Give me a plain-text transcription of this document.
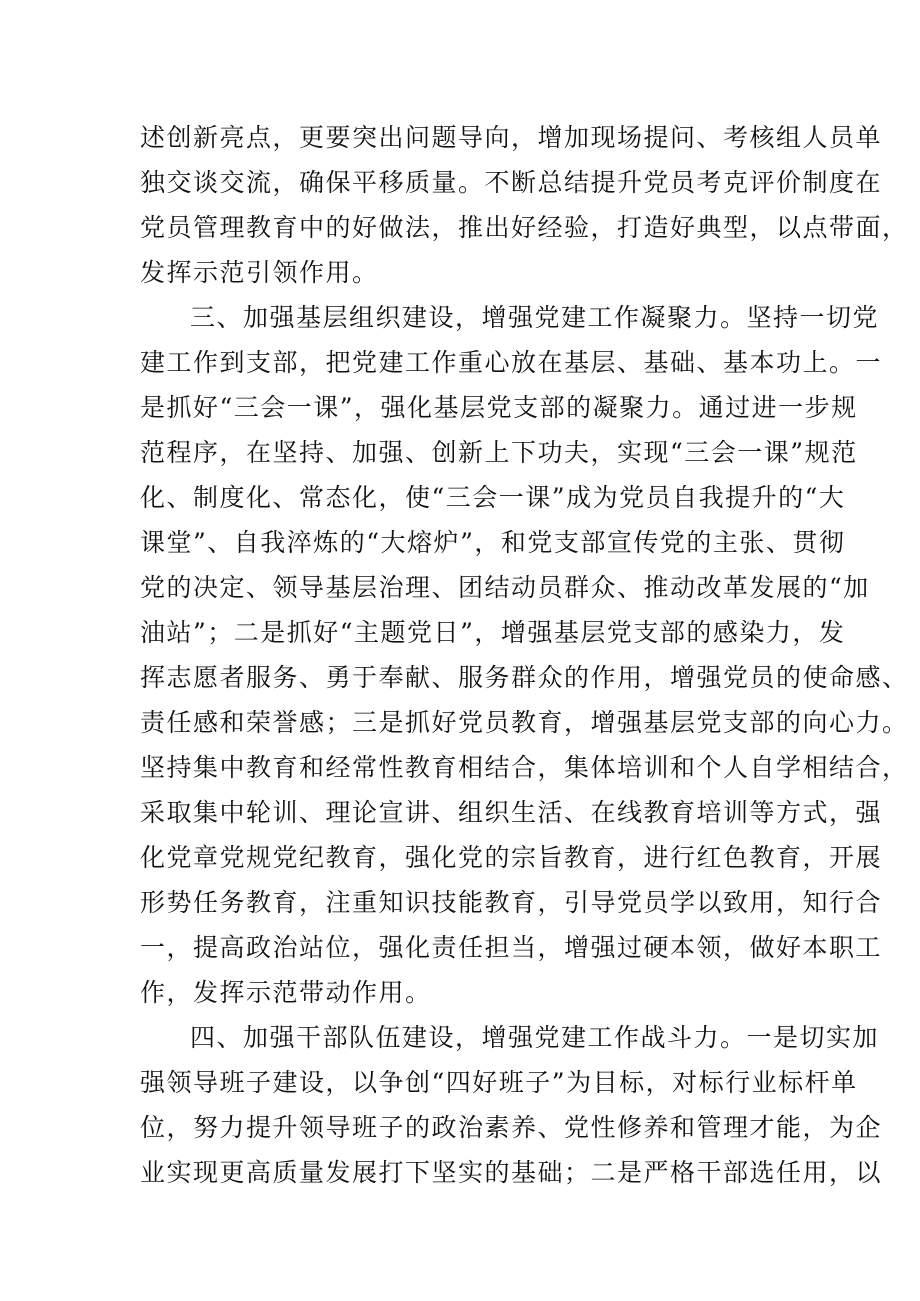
述创新亮点，更要突出问题导向，增加现场提问、考核组人员单
独交谈交流，确保平移质量。不断总结提升党员考克评价制度在
党员管理教育中的好做法，推出好经验，打造好典型，以点带面，
发挥示范引领作用。
三、加强基层组织建设，增强党建工作凝聚力。坚持一切党
建工作到支部，把党建工作重心放在基层、基础、基本功上。一
是抓好“三会一课”，强化基层党支部的凝聚力。通过进一步规
范程序，在坚持、加强、创新上下功夫，实现“三会一课”规范
化、制度化、常态化，使“三会一课”成为党员自我提升的“大
课堂”、自我淬炼的“大熔炉”，和党支部宣传党的主张、贯彻
党的决定、领导基层治理、团结动员群众、推动改革发展的“加
油站”；二是抓好“主题党日”，增强基层党支部的感染力，发
挥志愿者服务、勇于奉献、服务群众的作用，增强党员的使命感、
责任感和荣誉感；三是抓好党员教育，增强基层党支部的向心力。
坚持集中教育和经常性教育相结合，集体培训和个人自学相结合，
采取集中轮训、理论宣讲、组织生活、在线教育培训等方式，强
化党章党规党纪教育，强化党的宗旨教育，进行红色教育，开展
形势任务教育，注重知识技能教育，引导党员学以致用，知行合
一，提高政治站位，强化责任担当，增强过硬本领，做好本职工
作，发挥示范带动作用。
四、加强干部队伍建设，增强党建工作战斗力。一是切实加
强领导班子建设，以争创“四好班子”为目标，对标行业标杆单
位，努力提升领导班子的政治素养、党性修养和管理才能，为企
业实现更高质量发展打下坚实的基础；二是严格干部选任用，以
